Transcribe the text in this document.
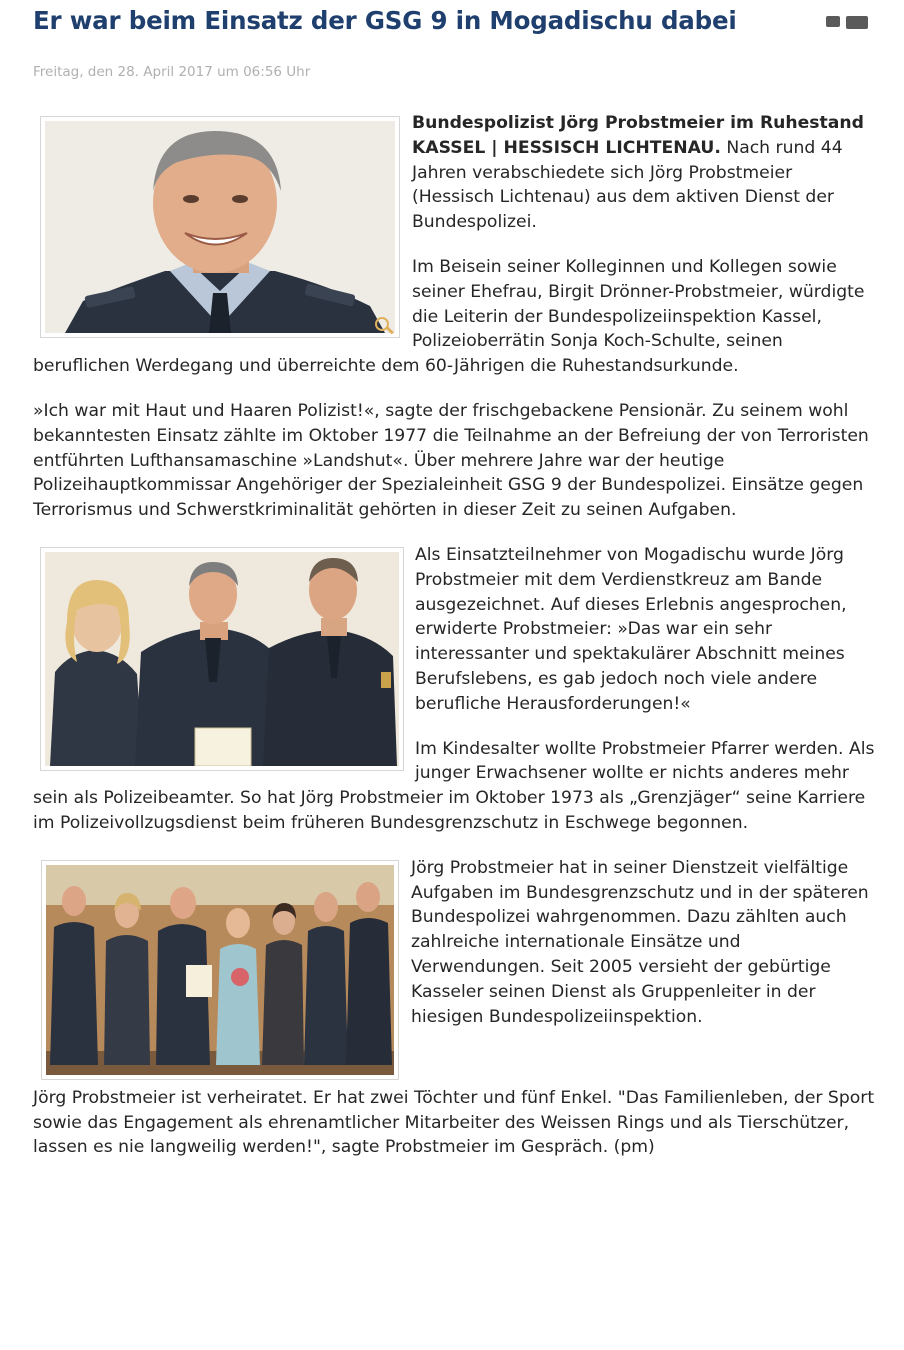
Er war beim Einsatz der GSG 9 in Mogadischu dabei
Freitag, den 28. April 2017 um 06:56 Uhr

Bundespolizist Jörg Probstmeier im Ruhestand
KASSEL | HESSISCH LICHTENAU. Nach rund 44 Jahren verabschiedete sich Jörg Probstmeier (Hessisch Lichtenau) aus dem aktiven Dienst der Bundespolizei.

Im Beisein seiner Kolleginnen und Kollegen sowie seiner Ehefrau, Birgit Drönner-Probstmeier, würdigte die Leiterin der Bundespolizeiinspektion Kassel, Polizeioberrätin Sonja Koch-Schulte, seinen beruflichen Werdegang und überreichte dem 60-Jährigen die Ruhestandsurkunde.

»Ich war mit Haut und Haaren Polizist!«, sagte der frischgebackene Pensionär. Zu seinem wohl bekanntesten Einsatz zählte im Oktober 1977 die Teilnahme an der Befreiung der von Terroristen entführten Lufthansamaschine »Landshut«. Über mehrere Jahre war der heutige Polizeihauptkommissar Angehöriger der Spezialeinheit GSG 9 der Bundespolizei. Einsätze gegen Terrorismus und Schwerstkriminalität gehörten in dieser Zeit zu seinen Aufgaben.

Als Einsatzteilnehmer von Mogadischu wurde Jörg Probstmeier mit dem Verdienstkreuz am Bande ausgezeichnet. Auf dieses Erlebnis angesprochen, erwiderte Probstmeier: »Das war ein sehr interessanter und spektakulärer Abschnitt meines Berufslebens, es gab jedoch noch viele andere berufliche Herausforderungen!«

Im Kindesalter wollte Probstmeier Pfarrer werden. Als junger Erwachsener wollte er nichts anderes mehr sein als Polizeibeamter. So hat Jörg Probstmeier im Oktober 1973 als „Grenzjäger“ seine Karriere im Polizeivollzugsdienst beim früheren Bundesgrenzschutz in Eschwege begonnen.

Jörg Probstmeier hat in seiner Dienstzeit vielfältige Aufgaben im Bundesgrenzschutz und in der späteren Bundespolizei wahrgenommen. Dazu zählten auch zahlreiche internationale Einsätze und Verwendungen. Seit 2005 versieht der gebürtige Kasseler seinen Dienst als Gruppenleiter in der hiesigen Bundespolizeiinspektion.

Jörg Probstmeier ist verheiratet. Er hat zwei Töchter und fünf Enkel. "Das Familienleben, der Sport sowie das Engagement als ehrenamtlicher Mitarbeiter des Weissen Rings und als Tierschützer, lassen es nie langweilig werden!", sagte Probstmeier im Gespräch. (pm)
